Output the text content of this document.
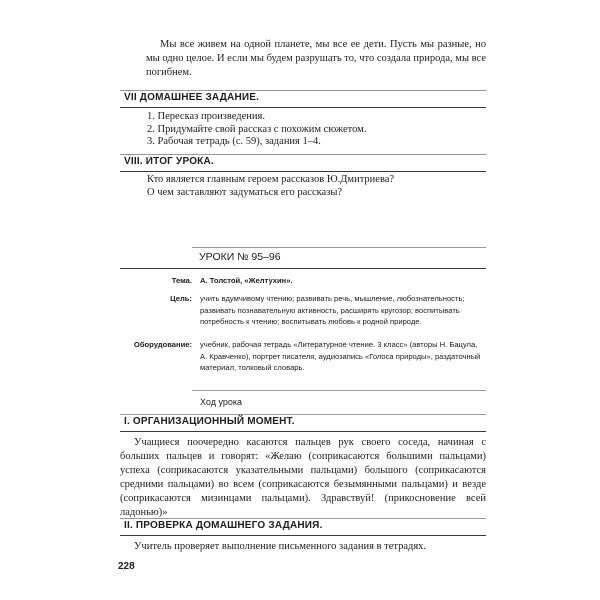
Мы все живем на одной планете, мы все ее дети. Пусть мы разные, но мы одно целое. И если мы будем разрушать то, что создала природа, мы все погибнем.

VII ДОМАШНЕЕ ЗАДАНИЕ.
1. Пересказ произведения.
2. Придумайте свой рассказ с похожим сюжетом.
3. Рабочая тетрадь (с. 59), задания 1–4.
VIII. ИТОГ УРОКА.
Кто является главным героем рассказов Ю.Дмитриева?
О чем заставляют задуматься его рассказы?
УРОКИ № 95–96
Тема. А. Толстой, «Желтухин».
Цель: учить вдумчивому чтению; развивать речь, мышление, любознательность; развивать познавательную активность, расширять кругозор; воспитывать потребность к чтению; воспитывать любовь к родной природе.
Оборудование: учебник, рабочая тетрадь «Литературное чтение. 3 класс» (авторы Н. Бацула, А. Кравченко), портрет писателя, аудиозапись «Голоса природы», раздаточный материал, толковый словарь.
Ход урока
I. ОРГАНИЗАЦИОННЫЙ МОМЕНТ.

Учащиеся поочередно касаются пальцев рук своего соседа, начиная с больших пальцев и говорят: «Желаю (соприкасаются большими пальцами) успеха (соприкасаются указательными пальцами) большого (соприкасаются средними пальцами) во всем (соприкасаются безымянными пальцами) и везде (соприкасаются мизинцами пальцами). Здравствуй! (прикосновение всей ладонью)»

II. ПРОВЕРКА ДОМАШНЕГО ЗАДАНИЯ.

Учитель проверяет выполнение письменного задания в тетрадях.

228
